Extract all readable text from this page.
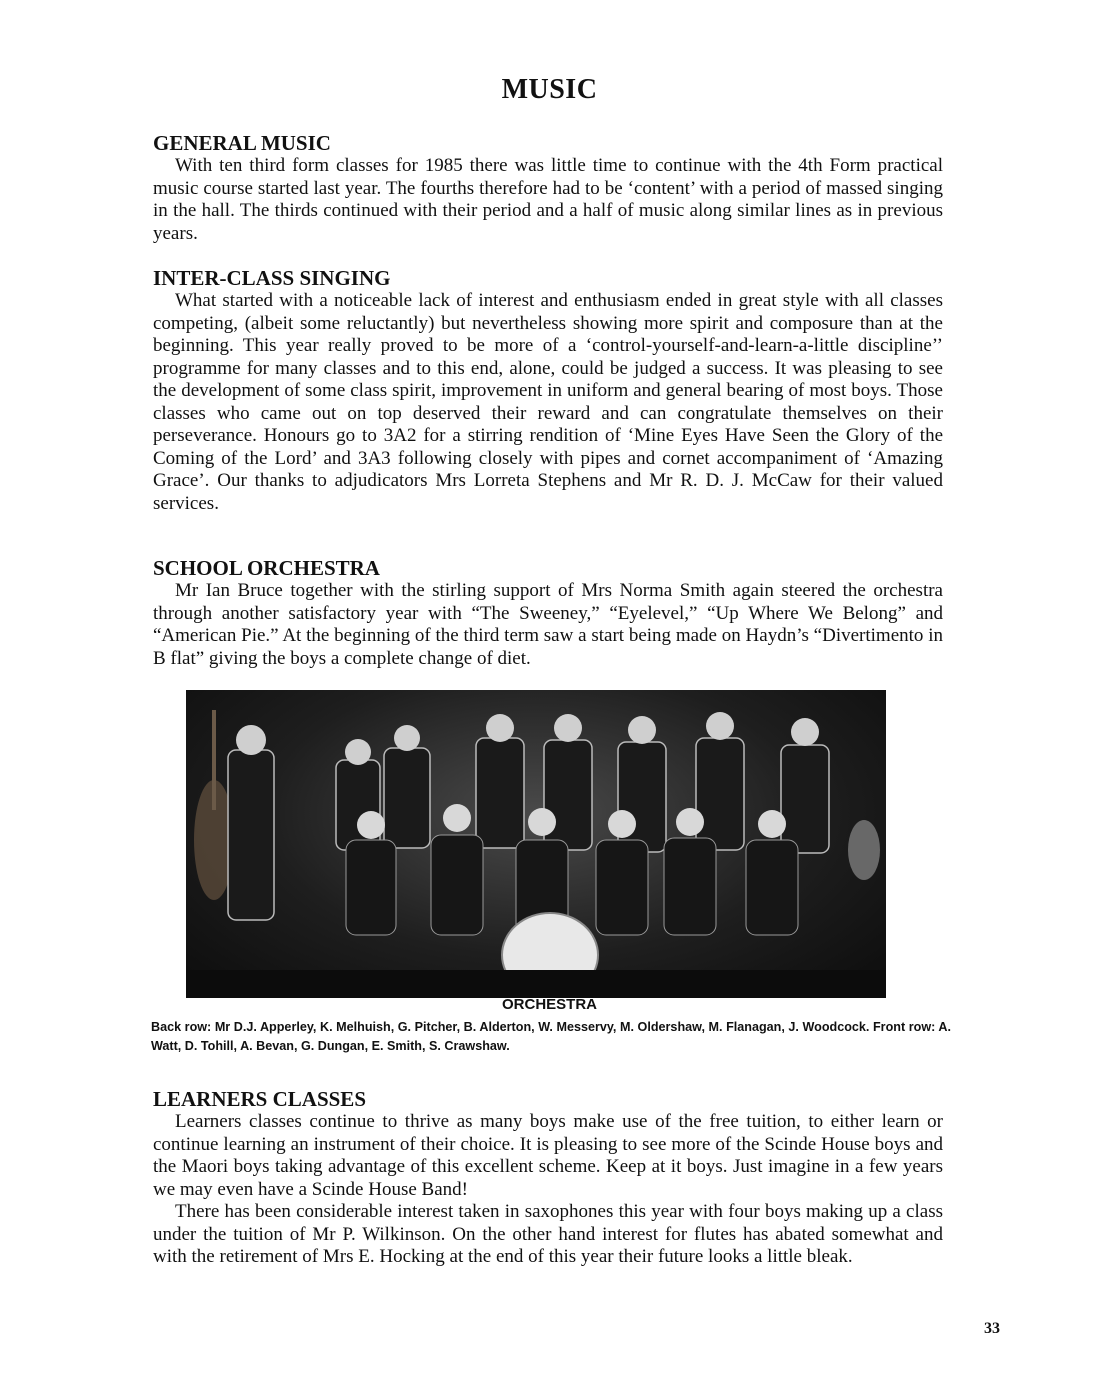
MUSIC
GENERAL MUSIC

With ten third form classes for 1985 there was little time to continue with the 4th Form practical music course started last year. The fourths therefore had to be ‘content’ with a period of massed singing in the hall. The thirds continued with their period and a half of music along similar lines as in previous years.

INTER-CLASS SINGING

What started with a noticeable lack of interest and enthusiasm ended in great style with all classes competing, (albeit some reluctantly) but nevertheless showing more spirit and composure than at the beginning. This year really proved to be more of a ‘control-yourself-and-learn-a-little discipline’’ programme for many classes and to this end, alone, could be judged a success. It was pleasing to see the development of some class spirit, improvement in uniform and general bearing of most boys. Those classes who came out on top deserved their reward and can congratulate themselves on their perseverance. Honours go to 3A2 for a stirring rendition of ‘Mine Eyes Have Seen the Glory of the Coming of the Lord’ and 3A3 following closely with pipes and cornet accompaniment of ‘Amazing Grace’. Our thanks to adjudicators Mrs Lorreta Stephens and Mr R. D. J. McCaw for their valued services.

SCHOOL ORCHESTRA

Mr Ian Bruce together with the stirling support of Mrs Norma Smith again steered the orchestra through another satisfactory year with “The Sweeney,” “Eyelevel,” “Up Where We Belong” and “American Pie.” At the beginning of the third term saw a start being made on Haydn’s “Divertimento in B flat” giving the boys a complete change of diet.

ORCHESTRA
Back row: Mr D.J. Apperley, K. Melhuish, G. Pitcher, B. Alderton, W. Messervy, M. Oldershaw, M. Flanagan, J. Woodcock. Front row: A. Watt, D. Tohill, A. Bevan, G. Dungan, E. Smith, S. Crawshaw.
LEARNERS CLASSES

Learners classes continue to thrive as many boys make use of the free tuition, to either learn or continue learning an instrument of their choice. It is pleasing to see more of the Scinde House boys and the Maori boys taking advantage of this excellent scheme. Keep at it boys. Just imagine in a few years we may even have a Scinde House Band!

There has been considerable interest taken in saxophones this year with four boys making up a class under the tuition of Mr P. Wilkinson. On the other hand interest for flutes has abated somewhat and with the retirement of Mrs E. Hocking at the end of this year their future looks a little bleak.

33
